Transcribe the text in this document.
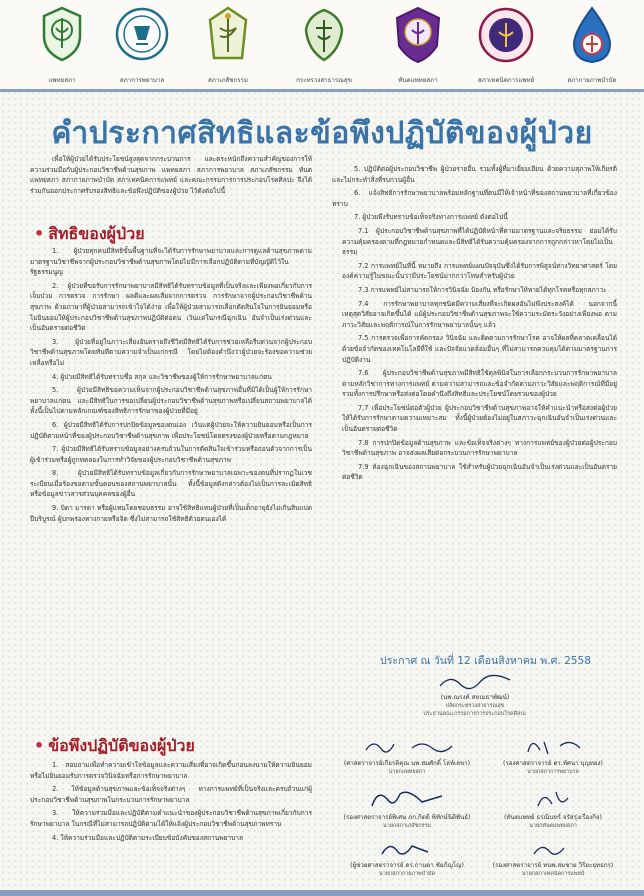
แพทยสภา	สภาการพยาบาล	สภาเภสัชกรรม	กระทรวงสาธารณสุข	ทันตแพทยสภา	สภาเทคนิคการแพทย์	สภากายภาพบำบัด
คำประกาศสิทธิและข้อพึงปฏิบัติของผู้ป่วย

เพื่อให้ผู้ป่วยได้รับประโยชน์สูงสุดจากกระบวนการ และตระหนักถึงความสำคัญของการให้ความร่วมมือกับผู้ประกอบวิชาชีพด้านสุขภาพ แพทยสภา สภาการพยาบาล สภาเภสัชกรรม ทันตแพทยสภา สภากายภาพบำบัด สภาเทคนิคการแพทย์ และคณะกรรมการการประกอบโรคศิลปะ จึงได้ร่วมกันออกประกาศรับรองสิทธิและข้อพึงปฏิบัติของผู้ป่วย ไว้ดังต่อไปนี้

• สิทธิของผู้ป่วย

1. ผู้ป่วยทุกคนมีสิทธิขั้นพื้นฐานที่จะได้รับการรักษาพยาบาลและการดูแลด้านสุขภาพตามมาตรฐานวิชาชีพจากผู้ประกอบวิชาชีพด้านสุขภาพโดยไม่มีการเลือกปฏิบัติตามที่บัญญัติไว้ในรัฐธรรมนูญ

2. ผู้ป่วยที่ขอรับการรักษาพยาบาลมีสิทธิได้รับทราบข้อมูลที่เป็นจริงและเพียงพอเกี่ยวกับการเจ็บป่วย การตรวจ การรักษา ผลดีและผลเสียจากการตรวจ การรักษาจากผู้ประกอบวิชาชีพด้านสุขภาพ ด้วยภาษาที่ผู้ป่วยสามารถเข้าใจได้ง่าย เพื่อให้ผู้ป่วยสามารถเลือกตัดสินใจในการยินยอมหรือไม่ยินยอมให้ผู้ประกอบวิชาชีพด้านสุขภาพปฏิบัติต่อตน เว้นแต่ในกรณีฉุกเฉิน อันจำเป็นเร่งด่วนและเป็นอันตรายต่อชีวิต

3. ผู้ป่วยที่อยู่ในภาวะเสี่ยงอันตรายถึงชีวิตมีสิทธิได้รับการช่วยเหลือรีบด่วนจากผู้ประกอบวิชาชีพด้านสุขภาพโดยทันทีตามความจำเป็นแก่กรณี โดยไม่ต้องคำนึงว่าผู้ป่วยจะร้องขอความช่วยเหลือหรือไม่

4. ผู้ป่วยมีสิทธิได้รับทราบชื่อ สกุล และวิชาชีพของผู้ให้การรักษาพยาบาลแก่ตน

5. ผู้ป่วยมีสิทธิขอความเห็นจากผู้ประกอบวิชาชีพด้านสุขภาพอื่นที่มิได้เป็นผู้ให้การรักษาพยาบาลแก่ตน และมีสิทธิในการขอเปลี่ยนผู้ประกอบวิชาชีพด้านสุขภาพหรือเปลี่ยนสถานพยาบาลได้ ทั้งนี้เป็นไปตามหลักเกณฑ์ของสิทธิการรักษาของผู้ป่วยที่มีอยู่

6. ผู้ป่วยมีสิทธิได้รับการปกปิดข้อมูลของตนเอง เว้นแต่ผู้ป่วยจะให้ความยินยอมหรือเป็นการปฏิบัติตามหน้าที่ของผู้ประกอบวิชาชีพด้านสุขภาพ เพื่อประโยชน์โดยตรงของผู้ป่วยหรือตามกฎหมาย

7. ผู้ป่วยมีสิทธิได้รับทราบข้อมูลอย่างครบถ้วนในการตัดสินใจเข้าร่วมหรือถอนตัวจากการเป็นผู้เข้าร่วมหรือผู้ถูกทดลองในการทำวิจัยของผู้ประกอบวิชาชีพด้านสุขภาพ

8. ผู้ป่วยมีสิทธิได้รับทราบข้อมูลเกี่ยวกับการรักษาพยาบาลเฉพาะของตนที่ปรากฏในเวชระเบียนเมื่อร้องขอตามขั้นตอนของสถานพยาบาลนั้น ทั้งนี้ข้อมูลดังกล่าวต้องไม่เป็นการละเมิดสิทธิหรือข้อมูลข่าวสารส่วนบุคคลของผู้อื่น

9. บิดา มารดา หรือผู้แทนโดยชอบธรรม อาจใช้สิทธิแทนผู้ป่วยที่เป็นเด็กอายุยังไม่เกินสิบแปดปีบริบูรณ์ ผู้บกพร่องทางกายหรือจิต ซึ่งไม่สามารถใช้สิทธิด้วยตนเองได้

• ข้อพึงปฏิบัติของผู้ป่วย

1. สอบถามเพื่อทำความเข้าใจข้อมูลและความเสี่ยงที่อาจเกิดขึ้นก่อนลงนามให้ความยินยอม หรือไม่ยินยอมรับการตรวจวินิจฉัยหรือการรักษาพยาบาล

2. ให้ข้อมูลด้านสุขภาพและข้อเท็จจริงต่างๆ ทางการแพทย์ที่เป็นจริงและครบถ้วนแก่ผู้ประกอบวิชาชีพด้านสุขภาพในกระบวนการรักษาพยาบาล

3. ให้ความร่วมมือและปฏิบัติตามคำแนะนำของผู้ประกอบวิชาชีพด้านสุขภาพเกี่ยวกับการรักษาพยาบาล ในกรณีที่ไม่สามารถปฏิบัติตามได้ให้แจ้งผู้ประกอบวิชาชีพด้านสุขภาพทราบ

4. ให้ความร่วมมือและปฏิบัติตามระเบียบข้อบังคับของสถานพยาบาล

5. ปฏิบัติต่อผู้ประกอบวิชาชีพ ผู้ป่วยรายอื่น รวมทั้งผู้ที่มาเยี่ยมเยียน ด้วยความสุภาพให้เกียรติและไม่กระทำสิ่งที่รบกวนผู้อื่น

6. แจ้งสิทธิการรักษาพยาบาลพร้อมหลักฐานที่ตนมีให้เจ้าหน้าที่ของสถานพยาบาลที่เกี่ยวข้องทราบ

7. ผู้ป่วยพึงรับทราบข้อเท็จจริงทางการแพทย์ ดังต่อไปนี้

7.1 ผู้ประกอบวิชาชีพด้านสุขภาพที่ได้ปฏิบัติหน้าที่ตามมาตรฐานและจริยธรรม ย่อมได้รับความคุ้มครองตามที่กฎหมายกำหนดและมีสิทธิได้รับความคุ้มครองจากการถูกกล่าวหาโดยไม่เป็นธรรม

7.2 การแพทย์ในที่นี้ หมายถึง การแพทย์แผนปัจจุบันซึ่งได้รับการพิสูจน์ทางวิทยาศาสตร์ โดยองค์ความรู้ในขณะนั้นว่ามีประโยชน์มากกว่าโทษสำหรับผู้ป่วย

7.3 การแพทย์ไม่สามารถให้การวินิจฉัย ป้องกัน หรือรักษาให้หายได้ทุกโรคหรือทุกสภาวะ

7.4 การรักษาพยาบาลทุกชนิดมีความเสี่ยงที่จะเกิดผลอันไม่พึงประสงค์ได้ นอกจากนี้ เหตุสุดวิสัยอาจเกิดขึ้นได้ แม้ผู้ประกอบวิชาชีพด้านสุขภาพจะใช้ความระมัดระวังอย่างเพียงพอ ตามภาวะวิสัยและพฤติการณ์ในการรักษาพยาบาลนั้นๆ แล้ว

7.5 การตรวจเพื่อการคัดกรอง วินิจฉัย และติดตามการรักษาโรค อาจให้ผลที่คลาดเคลื่อนได้ด้วยข้อจำกัดของเทคโนโลยีที่ใช้ และปัจจัยแวดล้อมอื่นๆ ที่ไม่สามารถควบคุมได้ตามมาตรฐานการปฏิบัติงาน

7.6 ผู้ประกอบวิชาชีพด้านสุขภาพมีสิทธิใช้ดุลพินิจในการเลือกกระบวนการรักษาพยาบาลตามหลักวิชาการทางการแพทย์ ตามความสามารถและข้อจำกัดตามภาวะวิสัยและพฤติการณ์ที่มีอยู่ รวมทั้งการปรึกษาหรือส่งต่อโดยคำนึงถึงสิทธิและประโยชน์โดยรวมของผู้ป่วย

7.7 เพื่อประโยชน์ต่อตัวผู้ป่วย ผู้ประกอบวิชาชีพด้านสุขภาพอาจให้คำแนะนำหรือส่งต่อผู้ป่วยให้ได้รับการรักษาตามความเหมาะสม ทั้งนี้ผู้ป่วยต้องไม่อยู่ในสภาวะฉุกเฉินอันจำเป็นเร่งด่วนและเป็นอันตรายต่อชีวิต

7.8 การปกปิดข้อมูลด้านสุขภาพ และข้อเท็จจริงต่างๆ ทางการแพทย์ของผู้ป่วยต่อผู้ประกอบวิชาชีพด้านสุขภาพ อาจส่งผลเสียต่อกระบวนการรักษาพยาบาล

7.9 ห้องฉุกเฉินของสถานพยาบาล ใช้สำหรับผู้ป่วยฉุกเฉินอันจำเป็นเร่งด่วนและเป็นอันตรายต่อชีวิต

ประกาศ ณ วันที่ 12 เดือนสิงหาคม พ.ศ. 2558
(นพ.ณรงค์ สหเมธาพัฒน์)
ปลัดกระทรวงสาธารณสุข
ประธานคณะกรรมการการประกอบโรคศิลปะ
(ศาสตราจารย์เกียรติคุณ นพ.สมศักดิ์ โล่ห์เลขา)
นายกแพทยสภา
(รองศาสตราจารย์ ดร.ทัศนา บุญทอง)
นายกสภาการพยาบาล
(รองศาสตราจารย์พิเศษ ภก.กิตติ พิทักษ์นิติพันธ์)
นายกสภาเภสัชกรรม
(ทันตแพทย์ ธรณินทร์ จรัสรุ่งเรืองกิจ)
นายกทันตแพทยสภา
(ผู้ช่วยศาสตราจารย์ ดร.กานดา ชัยภิญโญ)
นายกสภากายภาพบำบัด
(รองศาสตราจารย์ ทนพ.สมชาย วิริยะยุทธกร)
นายกสภาเทคนิคการแพทย์
